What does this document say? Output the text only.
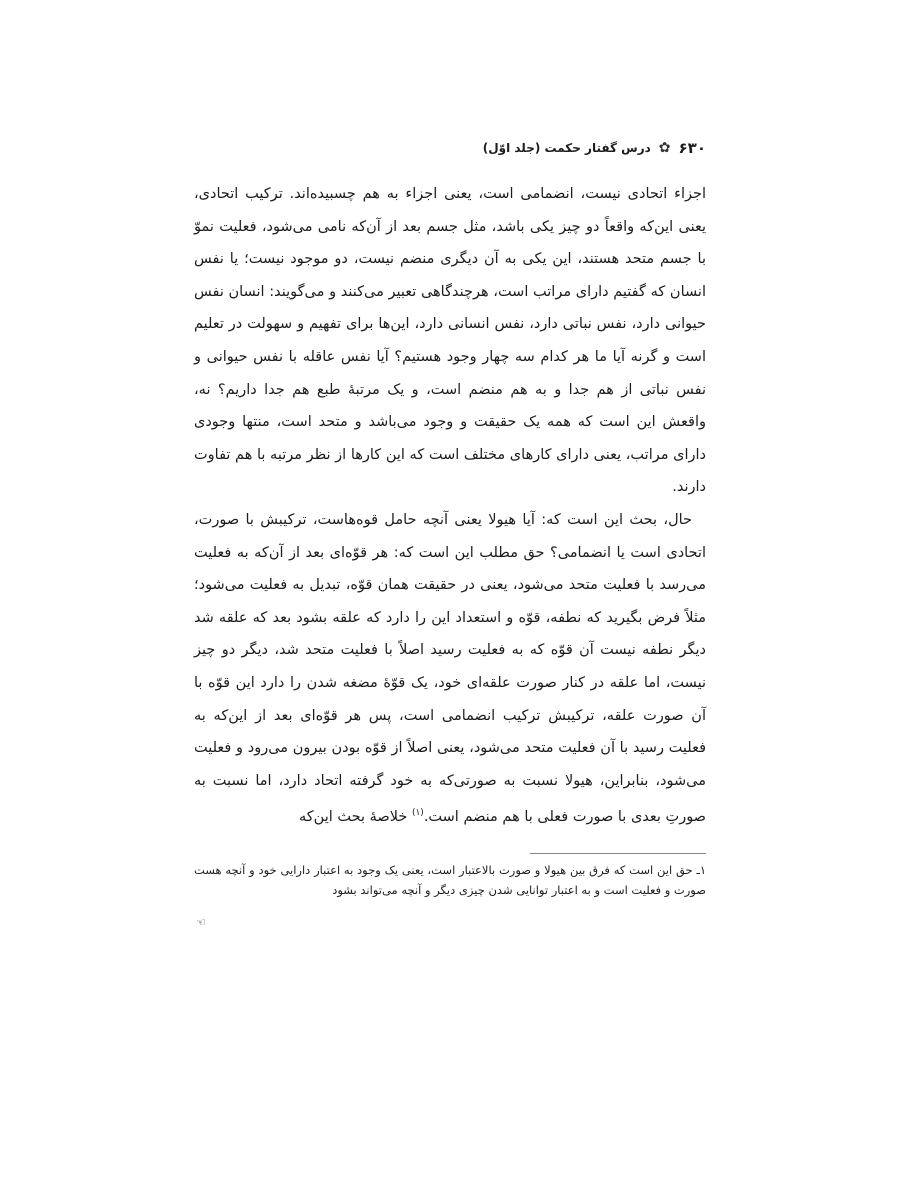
۶۳۰
✿
درس گفتار حکمت (جلد اوّل)

اجزاء اتحادی نیست، انضمامی است، یعنی اجزاء به هم چسبیده‌اند. ترکیب اتحادی، یعنی این‌که واقعاً دو چیز یکی باشد، مثل جسم بعد از آن‌که نامی می‌شود، فعلیت نموّ با جسم متحد هستند، این یکی به آن دیگری منضم نیست، دو موجود نیست؛ یا نفس انسان که گفتیم دارای مراتب است، هرچندگاهی تعبیر می‌کنند و می‌گویند: انسان نفس حیوانی دارد، نفس نباتی دارد، نفس انسانی دارد، این‌ها برای تفهیم و سهولت در تعلیم است و گرنه آیا ما هر کدام سه چهار وجود هستیم؟ آیا نفس عاقله با نفس حیوانی و نفس نباتی از هم جدا و به هم منضم است، و یک مرتبهٔ طبع هم جدا داریم؟ نه، واقعش این است که همه یک حقیقت و وجود می‌باشد و متحد است، منتها وجودی دارای مراتب، یعنی دارای کارهای مختلف است که این کارها از نظر مرتبه با هم تفاوت دارند.

حال، بحث این است که: آیا هیولا یعنی آنچه حامل قوه‌هاست، ترکیبش با صورت، اتحادی است یا انضمامی؟ حق مطلب این است که: هر قوّه‌ای بعد از آن‌که به فعلیت می‌رسد با فعلیت متحد می‌شود، یعنی در حقیقت همان قوّه، تبدیل به فعلیت می‌شود؛ مثلاً فرض بگیرید که نطفه، قوّه و استعداد این را دارد که علقه بشود بعد که علقه شد دیگر نطفه نیست آن قوّه که به فعلیت رسید اصلاً با فعلیت متحد شد، دیگر دو چیز نیست، اما علقه در کنار صورت علقه‌ای خود، یک قوّهٔ مضغه شدن را دارد این قوّه با آن صورت علقه، ترکیبش ترکیب انضمامی است، پس هر قوّه‌ای بعد از این‌که به فعلیت رسید با آن فعلیت متحد می‌شود، یعنی اصلاً از قوّه بودن بیرون می‌رود و فعلیت می‌شود، بنابراین، هیولا نسبت به صورتی‌که به خود گرفته اتحاد دارد، اما نسبت به صورتِ بعدی با صورت فعلی با هم منضم است.$^{(۱)}$ خلاصهٔ بحث این‌که

۱ـ حق این است که فرق بین هیولا و صورت بالاعتبار است، یعنی یک وجود به اعتبار دارایی خود و آنچه هست صورت و فعلیت است و به اعتبار توانایی شدن چیزی دیگر و آنچه می‌تواند بشود

☜
